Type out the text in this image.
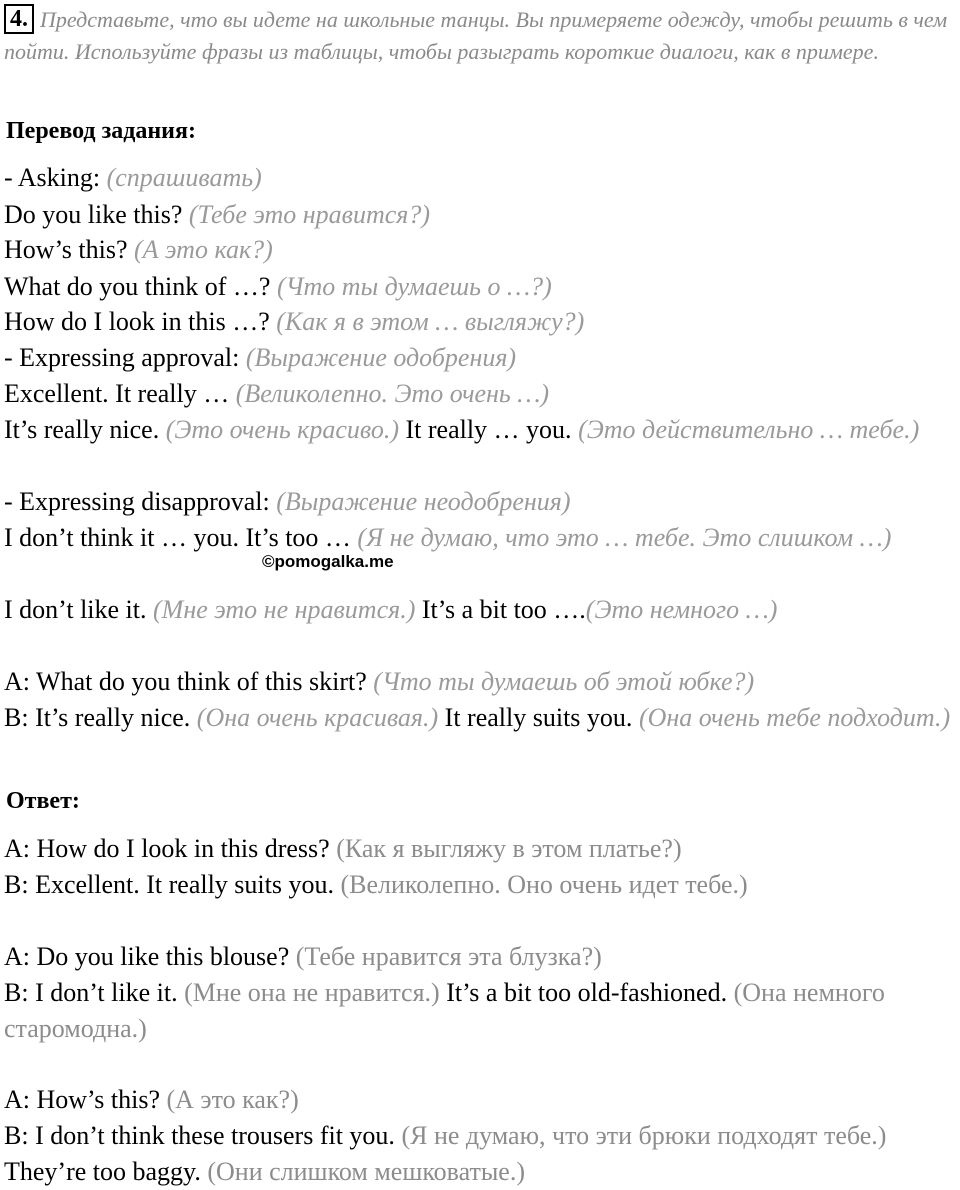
4. Представьте, что вы идете на школьные танцы. Вы примеряете одежду, чтобы решить в чем пойти. Используйте фразы из таблицы, чтобы разыграть короткие диалоги, как в примере.
Перевод задания:
- Asking: (спрашивать)
Do you like this? (Тебе это нравится?)
How’s this? (А это как?)
What do you think of …? (Что ты думаешь о …?)
How do I look in this …? (Как я в этом … выгляжу?)
- Expressing approval: (Выражение одобрения)
Excellent. It really … (Великолепно. Это очень …)
It’s really nice. (Это очень красиво.) It really … you. (Это действительно … тебе.)
- Expressing disapproval: (Выражение неодобрения)
I don’t think it … you. It’s too … (Я не думаю, что это … тебе. Это слишком …)
©pomogalka.me
I don’t like it. (Мне это не нравится.) It’s a bit too ….(Это немного …)
A: What do you think of this skirt? (Что ты думаешь об этой юбке?)
B: It’s really nice. (Она очень красивая.) It really suits you. (Она очень тебе подходит.)
Ответ:
A: How do I look in this dress? (Как я выгляжу в этом платье?)
B: Excellent. It really suits you. (Великолепно. Оно очень идет тебе.)
A: Do you like this blouse? (Тебе нравится эта блузка?)
B: I don’t like it. (Мне она не нравится.) It’s a bit too old-fashioned. (Она немного старомодна.)
A: How’s this? (А это как?)
B: I don’t think these trousers fit you. (Я не думаю, что эти брюки подходят тебе.) They’re too baggy. (Они слишком мешковатые.)
